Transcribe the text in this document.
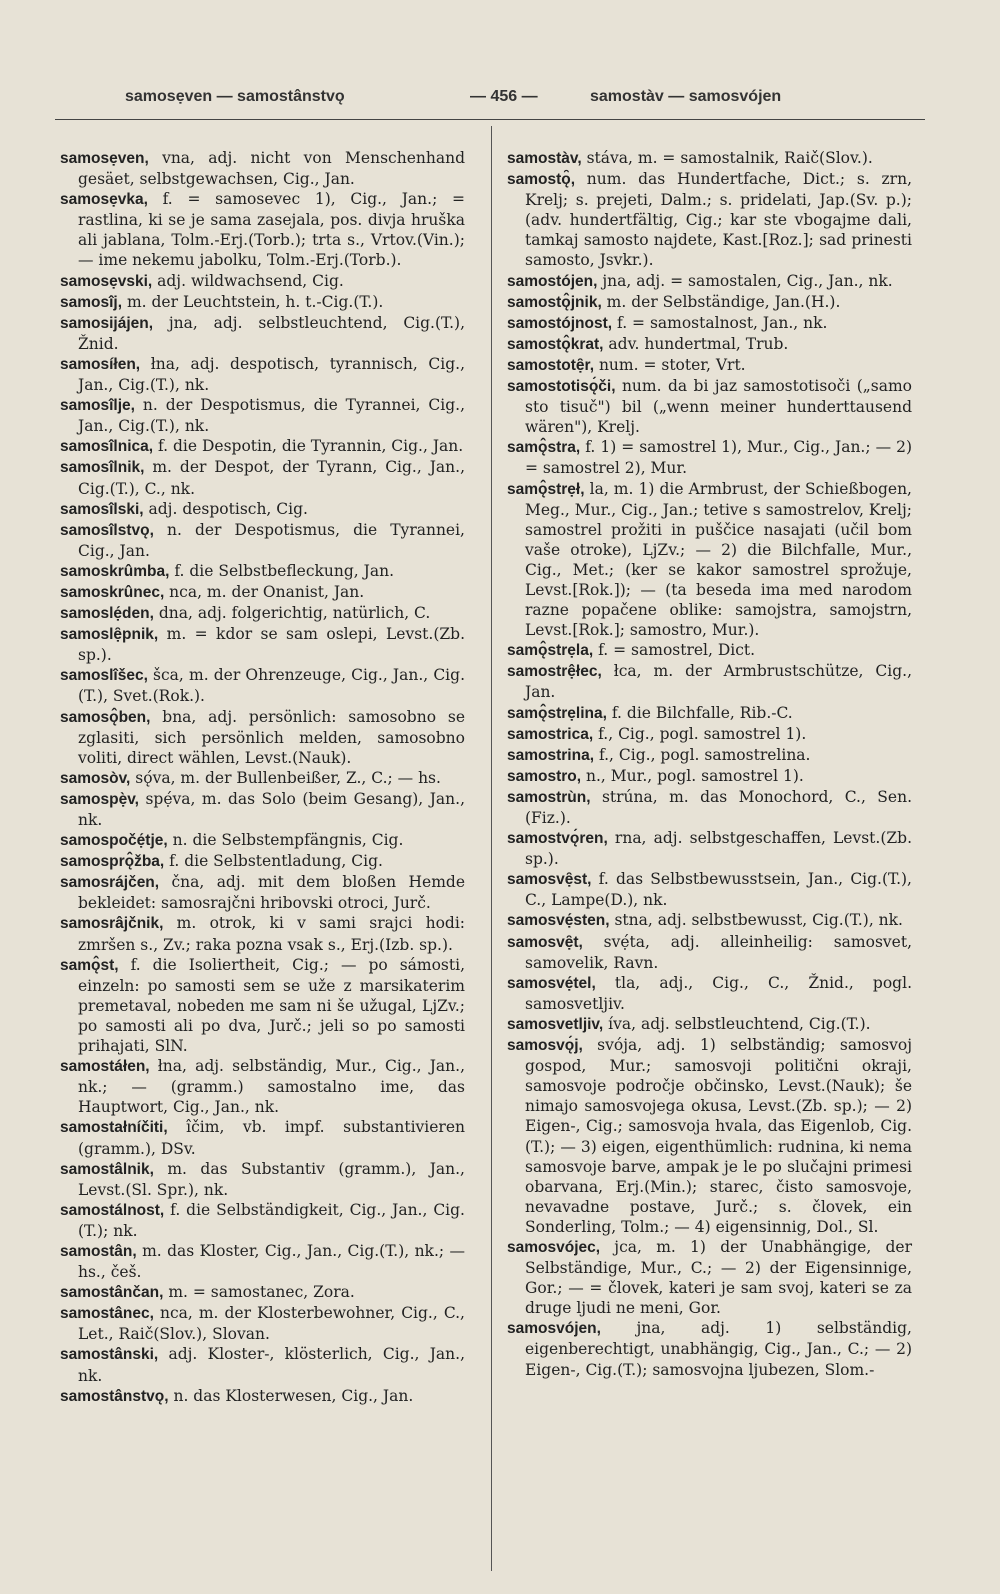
samosẹven — samostânstvǫ	— 456 —	samostàv — samosvójen

samosẹven, vna, adj. nicht von Menschenhand gesäet, selbstgewachsen, Cig., Jan.

samosẹvka, f. = samosevec 1), Cig., Jan.; = rastlina, ki se je sama zasejala, pos. divja hruška ali jablana, Tolm.-Erj.(Torb.); trta s., Vrtov.(Vin.); — ime nekemu jabolku, Tolm.-Erj.(Torb.).

samosẹvski, adj. wildwachsend, Cig.

samosîj, m. der Leuchtstein, h. t.-Cig.(T.).

samosijájen, jna, adj. selbstleuchtend, Cig.(T.), Žnid.

samosíłen, łna, adj. despotisch, tyrannisch, Cig., Jan., Cig.(T.), nk.

samosîlje, n. der Despotismus, die Tyrannei, Cig., Jan., Cig.(T.), nk.

samosîlnica, f. die Despotin, die Tyrannin, Cig., Jan.

samosîlnik, m. der Despot, der Tyrann, Cig., Jan., Cig.(T.), C., nk.

samosîlski, adj. despotisch, Cig.

samosîlstvǫ, n. der Despotismus, die Tyrannei, Cig., Jan.

samoskrûmba, f. die Selbstbefleckung, Jan.

samoskrûnec, nca, m. der Onanist, Jan.

samoslẹ́den, dna, adj. folgerichtig, natürlich, C.

samoslẹ̑pnik, m. = kdor se sam oslepi, Levst.(Zb. sp.).

samoslîšec, šca, m. der Ohrenzeuge, Cig., Jan., Cig.(T.), Svet.(Rok.).

samosǫ̂ben, bna, adj. persönlich: samosobno se zglasiti, sich persönlich melden, samosobno voliti, direct wählen, Levst.(Nauk).

samosòv, sǫ́va, m. der Bullenbeißer, Z., C.; — hs.

samospẹ̀v, spẹ́va, m. das Solo (beim Gesang), Jan., nk.

samospočẹ́tje, n. die Selbstempfängnis, Cig.

samosprǫ̂žba, f. die Selbstentladung, Cig.

samosrájčen, čna, adj. mit dem bloßen Hemde bekleidet: samosrajčni hribovski otroci, Jurč.

samosrâjčnik, m. otrok, ki v sami srajci hodi: zmršen s., Zv.; raka pozna vsak s., Erj.(Izb. sp.).

samǫ̂st, f. die Isoliertheit, Cig.; — po sámosti, einzeln: po samosti sem se uže z marsikaterim premetaval, nobeden me sam ni še užugal, LjZv.; po samosti ali po dva, Jurč.; jeli so po samosti prihajati, SlN.

samostáłen, łna, adj. selbständig, Mur., Cig., Jan., nk.; — (gramm.) samostalno ime, das Hauptwort, Cig., Jan., nk.

samostałníčiti, ı̂čim, vb. impf. substantivieren (gramm.), DSv.

samostâlnik, m. das Substantiv (gramm.), Jan., Levst.(Sl. Spr.), nk.

samostálnost, f. die Selbständigkeit, Cig., Jan., Cig.(T.); nk.

samostân, m. das Kloster, Cig., Jan., Cig.(T.), nk.; — hs., češ.

samostânčan, m. = samostanec, Zora.

samostânec, nca, m. der Klosterbewohner, Cig., C., Let., Raič(Slov.), Slovan.

samostânski, adj. Kloster-, klösterlich, Cig., Jan., nk.

samostânstvǫ, n. das Klosterwesen, Cig., Jan.

samostàv, stáva, m. = samostalnik, Raič(Slov.).

samostǫ̑, num. das Hundertfache, Dict.; s. zrn, Krelj; s. prejeti, Dalm.; s. pridelati, Jap.(Sv. p.); (adv. hundertfältig, Cig.; kar ste vbogajme dali, tamkaj samosto najdete, Kast.[Roz.]; sad prinesti samosto, Jsvkr.).

samostójen, jna, adj. = samostalen, Cig., Jan., nk.

samostǫ̂jnik, m. der Selbständige, Jan.(H.).

samostójnost, f. = samostalnost, Jan., nk.

samostǫ̂krat, adv. hundertmal, Trub.

samostotẹ̑r, num. = stoter, Vrt.

samostotisǫ́či, num. da bi jaz samostotisoči („samo sto tisuč") bil („wenn meiner hunderttausend wären"), Krelj.

samǫ̂stra, f. 1) = samostrel 1), Mur., Cig., Jan.; — 2) = samostrel 2), Mur.

samǫ̂strẹł, la, m. 1) die Armbrust, der Schießbogen, Meg., Mur., Cig., Jan.; tetive s samostrelov, Krelj; samostrel prožiti in puščice nasajati (učil bom vaše otroke), LjZv.; — 2) die Bilchfalle, Mur., Cig., Met.; (ker se kakor samostrel sprožuje, Levst.[Rok.]); — (ta beseda ima med narodom razne popačene oblike: samojstra, samojstrn, Levst.[Rok.]; samostro, Mur.).

samǫ̂strẹla, f. = samostrel, Dict.

samostrệłec, łca, m. der Armbrustschütze, Cig., Jan.

samǫ̂strẹlina, f. die Bilchfalle, Rib.-C.

samostrica, f., Cig., pogl. samostrel 1).

samostrina, f., Cig., pogl. samostrelina.

samostro, n., Mur., pogl. samostrel 1).

samostrùn, strúna, m. das Monochord, C., Sen.(Fiz.).

samostvǫ́ren, rna, adj. selbstgeschaffen, Levst.(Zb. sp.).

samosvẹ̑st, f. das Selbstbewusstsein, Jan., Cig.(T.), C., Lampe(D.), nk.

samosvẹ́sten, stna, adj. selbstbewusst, Cig.(T.), nk.

samosvẹ̑t, svẹ́ta, adj. alleinheilig: samosvet, samovelik, Ravn.

samosvẹ́tel, tla, adj., Cig., C., Žnid., pogl. samosvetljiv.

samosvetljiv, íva, adj. selbstleuchtend, Cig.(T.).

samosvǫ́j, svója, adj. 1) selbständig; samosvoj gospod, Mur.; samosvoji politični okraji, samosvoje področje občinsko, Levst.(Nauk); še nimajo samosvojega okusa, Levst.(Zb. sp.); — 2) Eigen-, Cig.; samosvoja hvala, das Eigenlob, Cig.(T.); — 3) eigen, eigenthümlich: rudnina, ki nema samosvoje barve, ampak je le po slučajni primesi obarvana, Erj.(Min.); starec, čisto samosvoje, nevavadne postave, Jurč.; s. človek, ein Sonderling, Tolm.; — 4) eigensinnig, Dol., Sl.

samosvójec, jca, m. 1) der Unabhängige, der Selbständige, Mur., C.; — 2) der Eigensinnige, Gor.; — = človek, kateri je sam svoj, kateri se za druge ljudi ne meni, Gor.

samosvójen, jna, adj. 1) selbständig, eigenberechtigt, unabhängig, Cig., Jan., C.; — 2) Eigen-, Cig.(T.); samosvojna ljubezen, Slom.-
